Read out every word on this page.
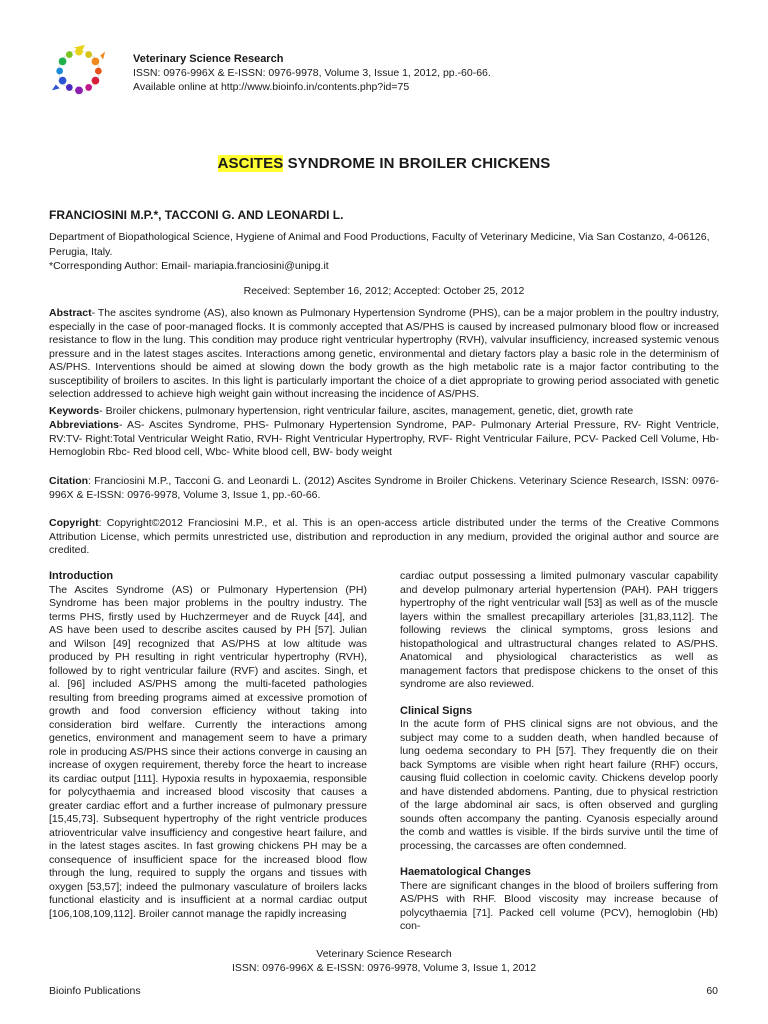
Veterinary Science Research
ISSN: 0976-996X & E-ISSN: 0976-9978, Volume 3, Issue 1, 2012, pp.-60-66.
Available online at http://www.bioinfo.in/contents.php?id=75
ASCITES SYNDROME IN BROILER CHICKENS
FRANCIOSINI M.P.*, TACCONI G. AND LEONARDI L.
Department of Biopathological Science, Hygiene of Animal and Food Productions, Faculty of Veterinary Medicine, Via San Costanzo, 4-06126, Perugia, Italy.
*Corresponding Author: Email- mariapia.franciosini@unipg.it
Received: September 16, 2012; Accepted: October 25, 2012
Abstract- The ascites syndrome (AS), also known as Pulmonary Hypertension Syndrome (PHS), can be a major problem in the poultry industry, especially in the case of poor-managed flocks. It is commonly accepted that AS/PHS is caused by increased pulmonary blood flow or increased resistance to flow in the lung. This condition may produce right ventricular hypertrophy (RVH), valvular insufficiency, increased systemic venous pressure and in the latest stages ascites. Interactions among genetic, environmental and dietary factors play a basic role in the determinism of AS/PHS. Interventions should be aimed at slowing down the body growth as the high metabolic rate is a major factor contributing to the susceptibility of broilers to ascites. In this light is particularly important the choice of a diet appropriate to growing period associated with genetic selection addressed to achieve high weight gain without increasing the incidence of AS/PHS.
Keywords- Broiler chickens, pulmonary hypertension, right ventricular failure, ascites, management, genetic, diet, growth rate
Abbreviations- AS- Ascites Syndrome, PHS- Pulmonary Hypertension Syndrome, PAP- Pulmonary Arterial Pressure, RV- Right Ventricle, RV:TV- Right:Total Ventricular Weight Ratio, RVH- Right Ventricular Hypertrophy, RVF- Right Ventricular Failure, PCV- Packed Cell Volume, Hb- Hemoglobin Rbc- Red blood cell, Wbc- White blood cell, BW- body weight
Citation: Franciosini M.P., Tacconi G. and Leonardi L. (2012) Ascites Syndrome in Broiler Chickens. Veterinary Science Research, ISSN: 0976-996X & E-ISSN: 0976-9978, Volume 3, Issue 1, pp.-60-66.
Copyright: Copyright©2012 Franciosini M.P., et al. This is an open-access article distributed under the terms of the Creative Commons Attribution License, which permits unrestricted use, distribution and reproduction in any medium, provided the original author and source are credited.

Introduction

The Ascites Syndrome (AS) or Pulmonary Hypertension (PH) Syndrome has been major problems in the poultry industry. The terms PHS, firstly used by Huchzermeyer and de Ruyck [44], and AS have been used to describe ascites caused by PH [57]. Julian and Wilson [49] recognized that AS/PHS at low altitude was produced by PH resulting in right ventricular hypertrophy (RVH), followed by to right ventricular failure (RVF) and ascites. Singh, et al. [96] included AS/PHS among the multi-faceted pathologies resulting from breeding programs aimed at excessive promotion of growth and food conversion efficiency without taking into consideration bird welfare. Currently the interactions among genetics, environment and management seem to have a primary role in producing AS/PHS since their actions converge in causing an increase of oxygen requirement, thereby force the heart to increase its cardiac output [111]. Hypoxia results in hypoxaemia, responsible for polycythaemia and increased blood viscosity that causes a greater cardiac effort and a further increase of pulmonary pressure [15,45,73]. Subsequent hypertrophy of the right ventricle produces atrioventricular valve insufficiency and congestive heart failure, and in the latest stages ascites. In fast growing chickens PH may be a consequence of insufficient space for the increased blood flow through the lung, required to supply the organs and tissues with oxygen [53,57]; indeed the pulmonary vasculature of broilers lacks functional elasticity and is insufficient at a normal cardiac output [106,108,109,112]. Broiler cannot manage the rapidly increasing

cardiac output possessing a limited pulmonary vascular capability and develop pulmonary arterial hypertension (PAH). PAH triggers hypertrophy of the right ventricular wall [53] as well as of the muscle layers within the smallest precapillary arterioles [31,83,112]. The following reviews the clinical symptoms, gross lesions and histopathological and ultrastructural changes related to AS/PHS. Anatomical and physiological characteristics as well as management factors that predispose chickens to the onset of this syndrome are also reviewed.

Clinical Signs

In the acute form of PHS clinical signs are not obvious, and the subject may come to a sudden death, when handled because of lung oedema secondary to PH [57]. They frequently die on their back Symptoms are visible when right heart failure (RHF) occurs, causing fluid collection in coelomic cavity. Chickens develop poorly and have distended abdomens. Panting, due to physical restriction of the large abdominal air sacs, is often observed and gurgling sounds often accompany the panting. Cyanosis especially around the comb and wattles is visible. If the birds survive until the time of processing, the carcasses are often condemned.

Haematological Changes

There are significant changes in the blood of broilers suffering from AS/PHS with RHF. Blood viscosity may increase because of polycythaemia [71]. Packed cell volume (PCV), hemoglobin (Hb) con-

Veterinary Science Research
ISSN: 0976-996X & E-ISSN: 0976-9978, Volume 3, Issue 1, 2012
Bioinfo Publications	60
